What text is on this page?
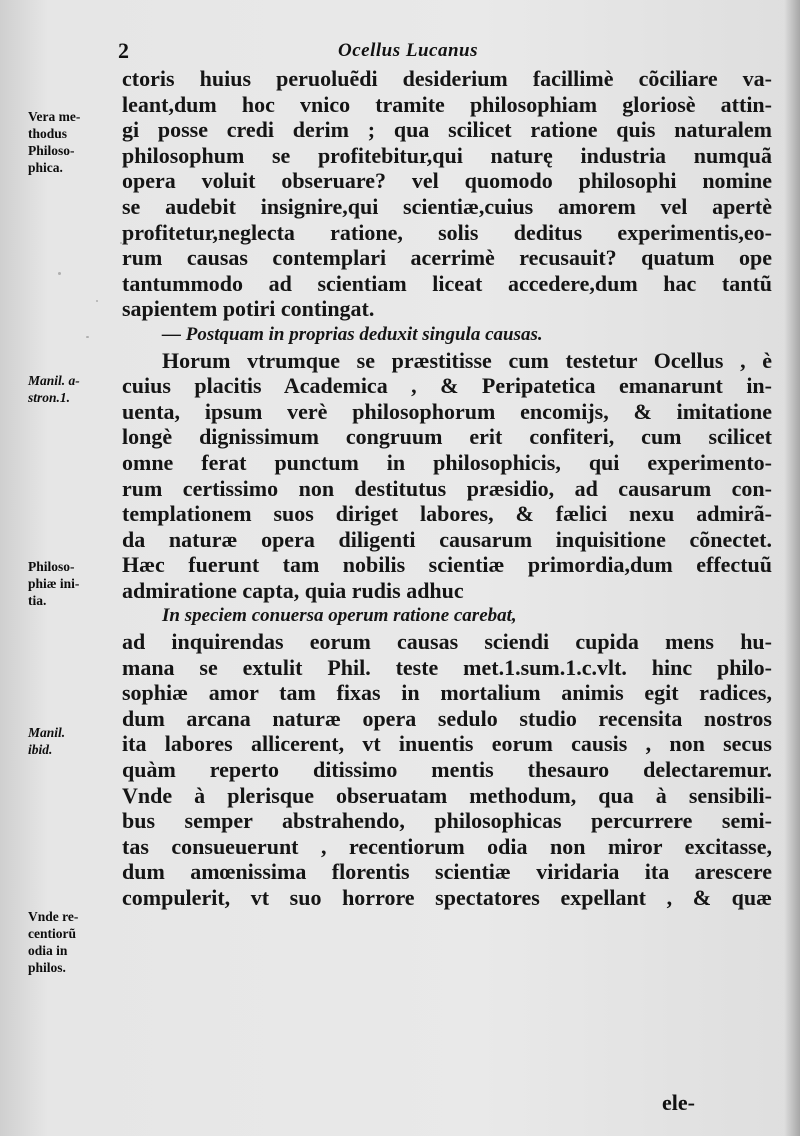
2	Ocellus Lucanus
Vera me-
thodus
Philoso-
phica.
Manil. a-
stron.1.
Philoso-
phiæ ini-
tia.
Manil.
ibid.
Vnde re-
centiorũ
odia in
philos.
ctoris huius peruoluẽdi desiderium facillimè cõciliare va-
leant,dum hoc vnico tramite philosophiam gloriosè attin-
gi posse credi derim ; qua scilicet ratione quis naturalem
philosophum se profitebitur,qui naturę industria numquã
opera voluit obseruare? vel quomodo philosophi nomine
se audebit insignire,qui scientiæ,cuius amorem vel apertè
profitetur,neglecta ratione, solis deditus experimentis,eo-
rum causas contemplari acerrimè recusauit? quatum ope
tantummodo ad scientiam liceat accedere,dum hac tantũ
sapientem potiri contingat.
— Postquam in proprias deduxit singula causas.
Horum vtrumque se præstitisse cum testetur Ocellus , è
cuius placitis Academica , & Peripatetica emanarunt in-
uenta, ipsum verè philosophorum encomijs, & imitatione
longè dignissimum congruum erit confiteri, cum scilicet
omne ferat punctum in philosophicis, qui experimento-
rum certissimo non destitutus præsidio, ad causarum con-
templationem suos diriget labores, & fælici nexu admirã-
da naturæ opera diligenti causarum inquisitione cõnectet.
Hæc fuerunt tam nobilis scientiæ primordia,dum effectuũ
admiratione capta, quia rudis adhuc
In speciem conuersa operum ratione carebat,
ad inquirendas eorum causas sciendi cupida mens hu-
mana se extulit Phil. teste met.1.sum.1.c.vlt. hinc philo-
sophiæ amor tam fixas in mortalium animis egit radices,
dum arcana naturæ opera sedulo studio recensita nostros
ita labores allicerent, vt inuentis eorum causis , non secus
quàm reperto ditissimo mentis thesauro delectaremur.
Vnde à plerisque obseruatam methodum, qua à sensibili-
bus semper abstrahendo, philosophicas percurrere semi-
tas consueuerunt , recentiorum odia non miror excitasse,
dum amœnissima florentis scientiæ viridaria ita arescere
compulerit, vt suo horrore spectatores expellant , & quæ
ele-
